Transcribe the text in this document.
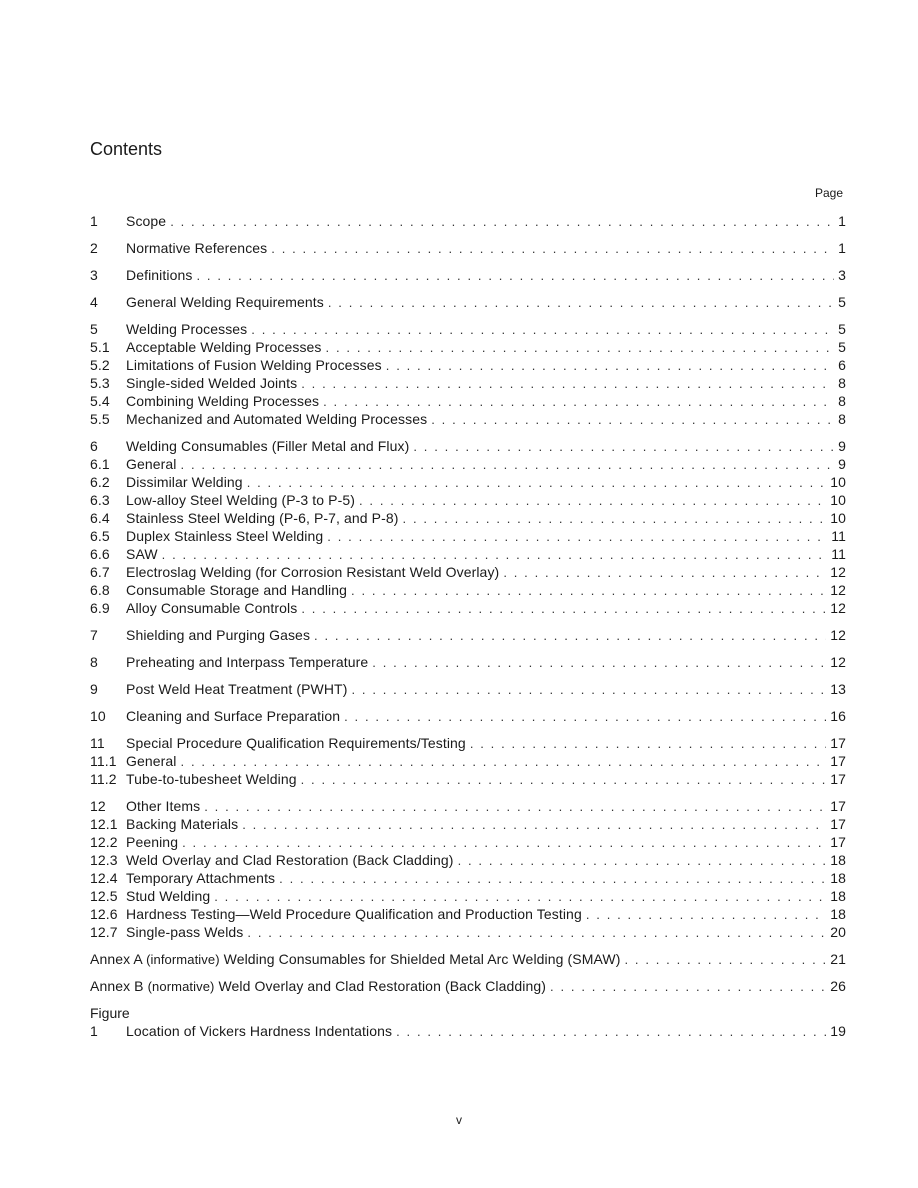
Contents
Page
1	Scope . . .	1
2	Normative References . . .	1
3	Definitions . . .	3
4	General Welding Requirements . . .	5
5	Welding Processes . . .	5
5.1	Acceptable Welding Processes . . .	5
5.2	Limitations of Fusion Welding Processes . . .	6
5.3	Single-sided Welded Joints . . .	8
5.4	Combining Welding Processes . . .	8
5.5	Mechanized and Automated Welding Processes . . .	8
6	Welding Consumables (Filler Metal and Flux) . . .	9
6.1	General . . .	9
6.2	Dissimilar Welding . . .	10
6.3	Low-alloy Steel Welding (P-3 to P-5) . . .	10
6.4	Stainless Steel Welding (P-6, P-7, and P-8) . . .	10
6.5	Duplex Stainless Steel Welding . . .	11
6.6	SAW . . .	11
6.7	Electroslag Welding (for Corrosion Resistant Weld Overlay) . . .	12
6.8	Consumable Storage and Handling . . .	12
6.9	Alloy Consumable Controls . . .	12
7	Shielding and Purging Gases . . .	12
8	Preheating and Interpass Temperature . . .	12
9	Post Weld Heat Treatment (PWHT) . . .	13
10	Cleaning and Surface Preparation . . .	16
11	Special Procedure Qualification Requirements/Testing . . .	17
11.1 General . . .	17
11.2 Tube-to-tubesheet Welding . . .	17
12	Other Items . . .	17
12.1 Backing Materials . . .	17
12.2 Peening . . .	17
12.3 Weld Overlay and Clad Restoration (Back Cladding) . . .	18
12.4 Temporary Attachments . . .	18
12.5 Stud Welding . . .	18
12.6 Hardness Testing—Weld Procedure Qualification and Production Testing . . .	18
12.7 Single-pass Welds . . .	20
Annex A (informative) Welding Consumables for Shielded Metal Arc Welding (SMAW) . . .	21
Annex B (normative) Weld Overlay and Clad Restoration (Back Cladding) . . .	26
Figure
1	Location of Vickers Hardness Indentations . . .	19
v
